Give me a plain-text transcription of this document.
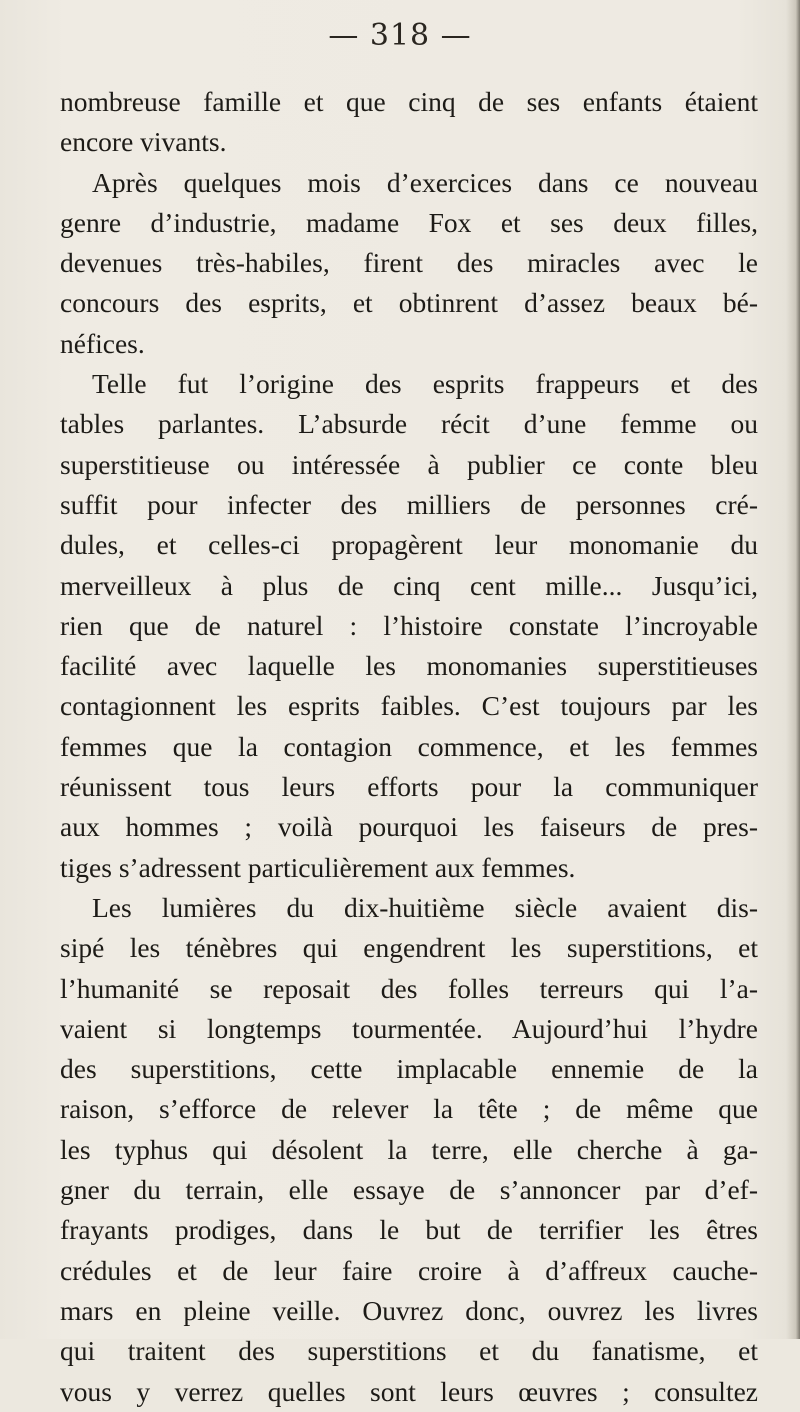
— 318 —

nombreuse famille et que cinq de ses enfants étaient
encore vivants.

Après quelques mois d’exercices dans ce nouveau
genre d’industrie, madame Fox et ses deux filles,
devenues très-habiles, firent des miracles avec le
concours des esprits, et obtinrent d’assez beaux bé-
néfices.

Telle fut l’origine des esprits frappeurs et des
tables parlantes. L’absurde récit d’une femme ou
superstitieuse ou intéressée à publier ce conte bleu
suffit pour infecter des milliers de personnes cré-
dules, et celles-ci propagèrent leur monomanie du
merveilleux à plus de cinq cent mille... Jusqu’ici,
rien que de naturel : l’histoire constate l’incroyable
facilité avec laquelle les monomanies superstitieuses
contagionnent les esprits faibles. C’est toujours par les
femmes que la contagion commence, et les femmes
réunissent tous leurs efforts pour la communiquer
aux hommes ; voilà pourquoi les faiseurs de pres-
tiges s’adressent particulièrement aux femmes.

Les lumières du dix-huitième siècle avaient dis-
sipé les ténèbres qui engendrent les superstitions, et
l’humanité se reposait des folles terreurs qui l’a-
vaient si longtemps tourmentée. Aujourd’hui l’hydre
des superstitions, cette implacable ennemie de la
raison, s’efforce de relever la tête ; de même que
les typhus qui désolent la terre, elle cherche à ga-
gner du terrain, elle essaye de s’annoncer par d’ef-
frayants prodiges, dans le but de terrifier les êtres
crédules et de leur faire croire à d’affreux cauche-
mars en pleine veille. Ouvrez donc, ouvrez les livres
qui traitent des superstitions et du fanatisme, et
vous y verrez quelles sont leurs œuvres ; consultez
